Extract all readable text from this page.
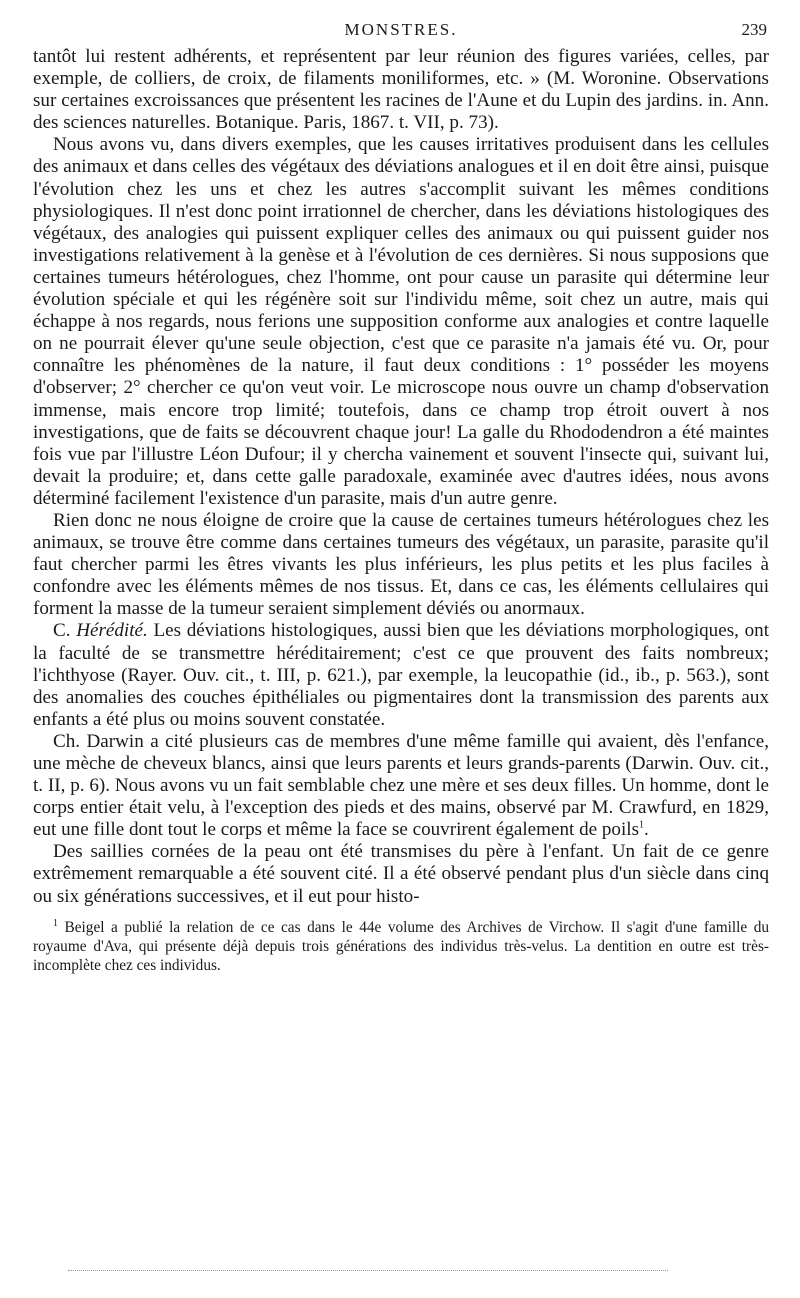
MONSTRES.	239

tantôt lui restent adhérents, et représentent par leur réunion des figures variées, celles, par exemple, de colliers, de croix, de filaments moniliformes, etc. » (M. Woronine. Observations sur certaines excroissances que présentent les racines de l'Aune et du Lupin des jardins. in. Ann. des sciences naturelles. Botanique. Paris, 1867. t. VII, p. 73).

Nous avons vu, dans divers exemples, que les causes irritatives produisent dans les cellules des animaux et dans celles des végétaux des déviations analogues et il en doit être ainsi, puisque l'évolution chez les uns et chez les autres s'accomplit suivant les mêmes conditions physiologiques. Il n'est donc point irrationnel de chercher, dans les déviations histologiques des végétaux, des analogies qui puissent expliquer celles des animaux ou qui puissent guider nos investigations relativement à la genèse et à l'évolution de ces dernières. Si nous supposions que certaines tumeurs hétérologues, chez l'homme, ont pour cause un parasite qui détermine leur évolution spéciale et qui les régénère soit sur l'individu même, soit chez un autre, mais qui échappe à nos regards, nous ferions une supposition conforme aux analogies et contre laquelle on ne pourrait élever qu'une seule objection, c'est que ce parasite n'a jamais été vu. Or, pour connaître les phénomènes de la nature, il faut deux conditions : 1° posséder les moyens d'observer; 2° chercher ce qu'on veut voir. Le microscope nous ouvre un champ d'observation immense, mais encore trop limité; toutefois, dans ce champ trop étroit ouvert à nos investigations, que de faits se découvrent chaque jour! La galle du Rhododendron a été maintes fois vue par l'illustre Léon Dufour; il y chercha vainement et souvent l'insecte qui, suivant lui, devait la produire; et, dans cette galle paradoxale, examinée avec d'autres idées, nous avons déterminé facilement l'existence d'un parasite, mais d'un autre genre.

Rien donc ne nous éloigne de croire que la cause de certaines tumeurs hétérologues chez les animaux, se trouve être comme dans certaines tumeurs des végétaux, un parasite, parasite qu'il faut chercher parmi les êtres vivants les plus inférieurs, les plus petits et les plus faciles à confondre avec les éléments mêmes de nos tissus. Et, dans ce cas, les éléments cellulaires qui forment la masse de la tumeur seraient simplement déviés ou anormaux.

C. Hérédité. Les déviations histologiques, aussi bien que les déviations morphologiques, ont la faculté de se transmettre héréditairement; c'est ce que prouvent des faits nombreux; l'ichthyose (Rayer. Ouv. cit., t. III, p. 621.), par exemple, la leucopathie (id., ib., p. 563.), sont des anomalies des couches épithéliales ou pigmentaires dont la transmission des parents aux enfants a été plus ou moins souvent constatée.

Ch. Darwin a cité plusieurs cas de membres d'une même famille qui avaient, dès l'enfance, une mèche de cheveux blancs, ainsi que leurs parents et leurs grands-parents (Darwin. Ouv. cit., t. II, p. 6). Nous avons vu un fait semblable chez une mère et ses deux filles. Un homme, dont le corps entier était velu, à l'exception des pieds et des mains, observé par M. Crawfurd, en 1829, eut une fille dont tout le corps et même la face se couvrirent également de poils$^1$.

Des saillies cornées de la peau ont été transmises du père à l'enfant. Un fait de ce genre extrêmement remarquable a été souvent cité. Il a été observé pendant plus d'un siècle dans cinq ou six générations successives, et il eut pour histo-

$^1$ Beigel a publié la relation de ce cas dans le 44e volume des Archives de Virchow. Il s'agit d'une famille du royaume d'Ava, qui présente déjà depuis trois générations des individus très-velus. La dentition en outre est très-incomplète chez ces individus.
